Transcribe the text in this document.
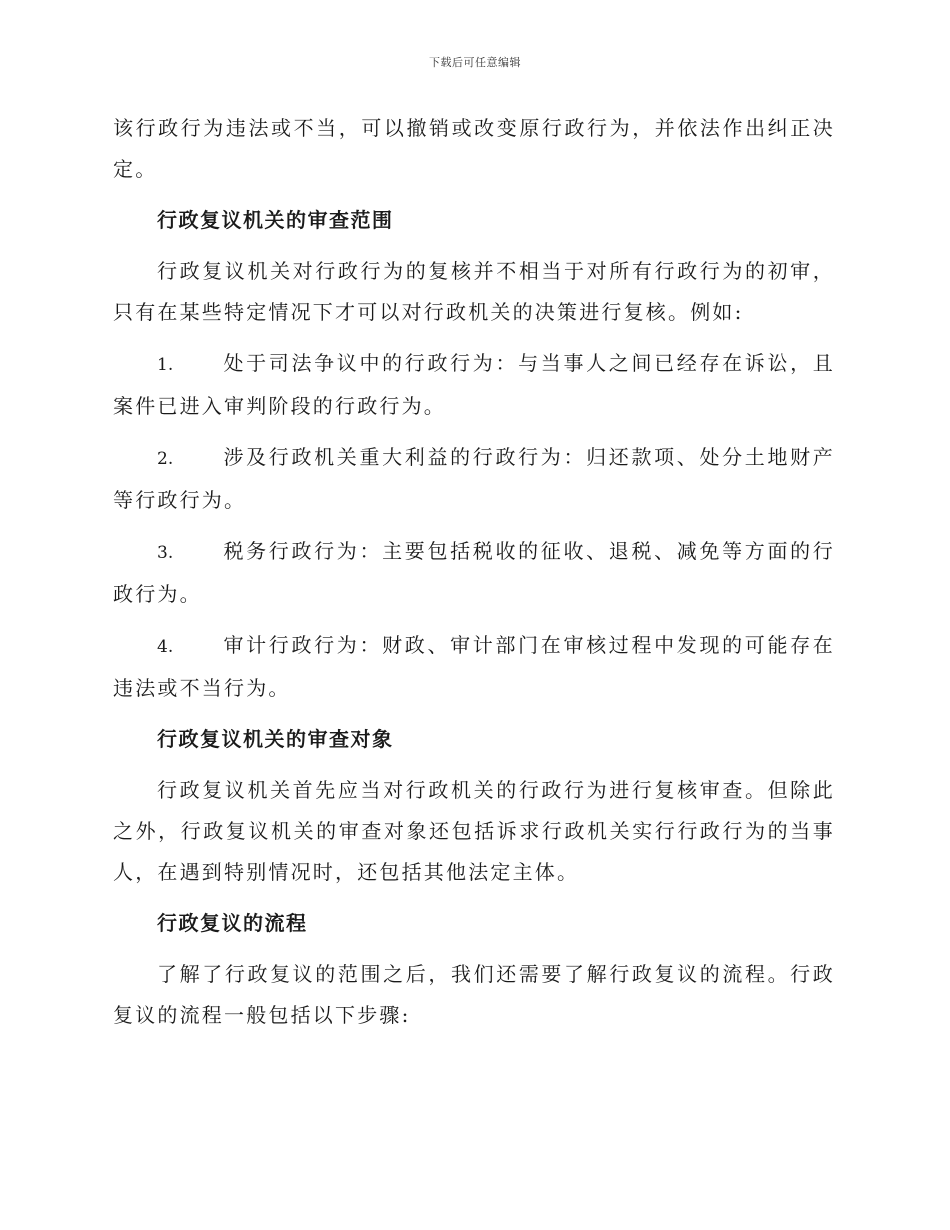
下载后可任意编辑

该行政行为违法或不当，可以撤销或改变原行政行为，并依法作出纠正决定。

行政复议机关的审查范围

行政复议机关对行政行为的复核并不相当于对所有行政行为的初审，只有在某些特定情况下才可以对行政机关的决策进行复核。例如:

1. 处于司法争议中的行政行为：与当事人之间已经存在诉讼，且案件已进入审判阶段的行政行为。

2. 涉及行政机关重大利益的行政行为：归还款项、处分土地财产等行政行为。

3. 税务行政行为：主要包括税收的征收、退税、减免等方面的行政行为。

4. 审计行政行为：财政、审计部门在审核过程中发现的可能存在违法或不当行为。

行政复议机关的审查对象

行政复议机关首先应当对行政机关的行政行为进行复核审查。但除此之外，行政复议机关的审查对象还包括诉求行政机关实行行政行为的当事人，在遇到特别情况时，还包括其他法定主体。

行政复议的流程

了解了行政复议的范围之后，我们还需要了解行政复议的流程。行政复议的流程一般包括以下步骤:
